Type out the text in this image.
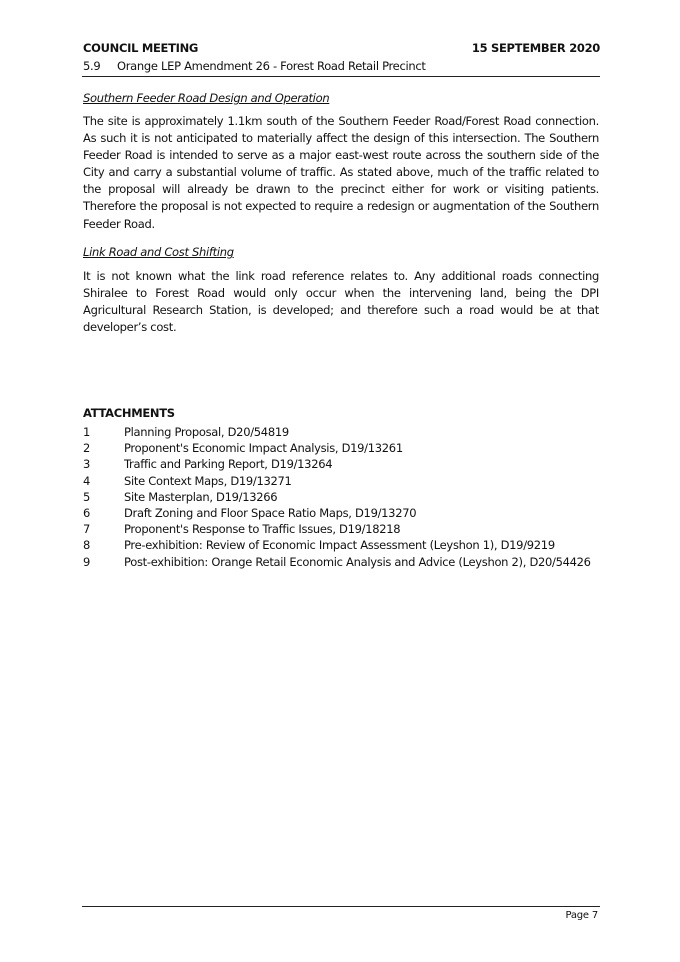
COUNCIL MEETING	15 SEPTEMBER 2020
5.9 Orange LEP Amendment 26 - Forest Road Retail Precinct

Southern Feeder Road Design and Operation

The site is approximately 1.1km south of the Southern Feeder Road/Forest Road connection. As such it is not anticipated to materially affect the design of this intersection. The Southern Feeder Road is intended to serve as a major east-west route across the southern side of the City and carry a substantial volume of traffic. As stated above, much of the traffic related to the proposal will already be drawn to the precinct either for work or visiting patients. Therefore the proposal is not expected to require a redesign or augmentation of the Southern Feeder Road.

Link Road and Cost Shifting

It is not known what the link road reference relates to. Any additional roads connecting Shiralee to Forest Road would only occur when the intervening land, being the DPI Agricultural Research Station, is developed; and therefore such a road would be at that developer’s cost.

ATTACHMENTS

1	Planning Proposal, D20/54819
2	Proponent's Economic Impact Analysis, D19/13261
3	Traffic and Parking Report, D19/13264
4	Site Context Maps, D19/13271
5	Site Masterplan, D19/13266
6	Draft Zoning and Floor Space Ratio Maps, D19/13270
7	Proponent's Response to Traffic Issues, D19/18218
8	Pre-exhibition: Review of Economic Impact Assessment (Leyshon 1), D19/9219
9	Post-exhibition: Orange Retail Economic Analysis and Advice (Leyshon 2), D20/54426
Page 7
